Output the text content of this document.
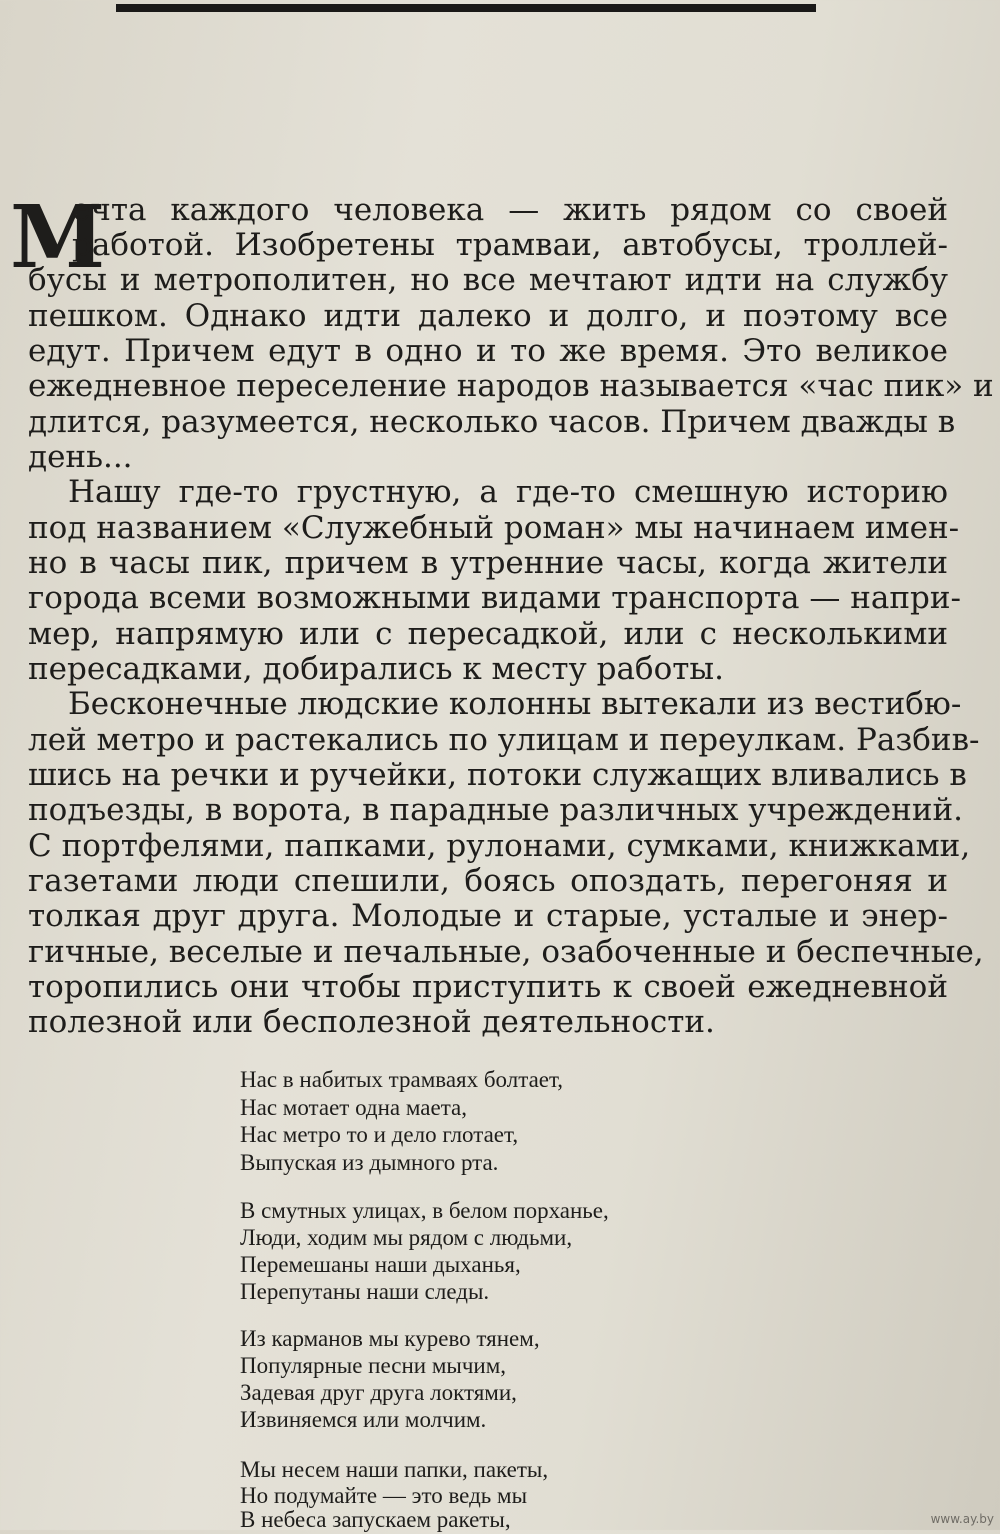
М
ечта каждого человека — жить рядом со своей
работой. Изобретены трамваи, автобусы, троллей-
бусы и метрополитен, но все мечтают идти на службу
пешком. Однако идти далеко и долго, и поэтому все
едут. Причем едут в одно и то же время. Это великое
ежедневное переселение народов называется «час пик» и
длится, разумеется, несколько часов. Причем дважды в
день...
Нашу где-то грустную, а где-то смешную историю
под названием «Служебный роман» мы начинаем имен-
но в часы пик, причем в утренние часы, когда жители
города всеми возможными видами транспорта — напри-
мер, напрямую или с пересадкой, или с несколькими
пересадками, добирались к месту работы.
Бесконечные людские колонны вытекали из вестибю-
лей метро и растекались по улицам и переулкам. Разбив-
шись на речки и ручейки, потоки служащих вливались в
подъезды, в ворота, в парадные различных учреждений.
С портфелями, папками, рулонами, сумками, книжками,
газетами люди спешили, боясь опоздать, перегоняя и
толкая друг друга. Молодые и старые, усталые и энер-
гичные, веселые и печальные, озабоченные и беспечные,
торопились они чтобы приступить к своей ежедневной
полезной или бесполезной деятельности.
Нас в набитых трамваях болтает,
Нас мотает одна маета,
Нас метро то и дело глотает,
Выпуская из дымного рта.
В смутных улицах, в белом порханье,
Люди, ходим мы рядом с людьми,
Перемешаны наши дыханья,
Перепутаны наши следы.
Из карманов мы курево тянем,
Популярные песни мычим,
Задевая друг друга локтями,
Извиняемся или молчим.
Мы несем наши папки, пакеты,
Но подумайте — это ведь мы
В небеса запускаем ракеты,	www.ay.by
